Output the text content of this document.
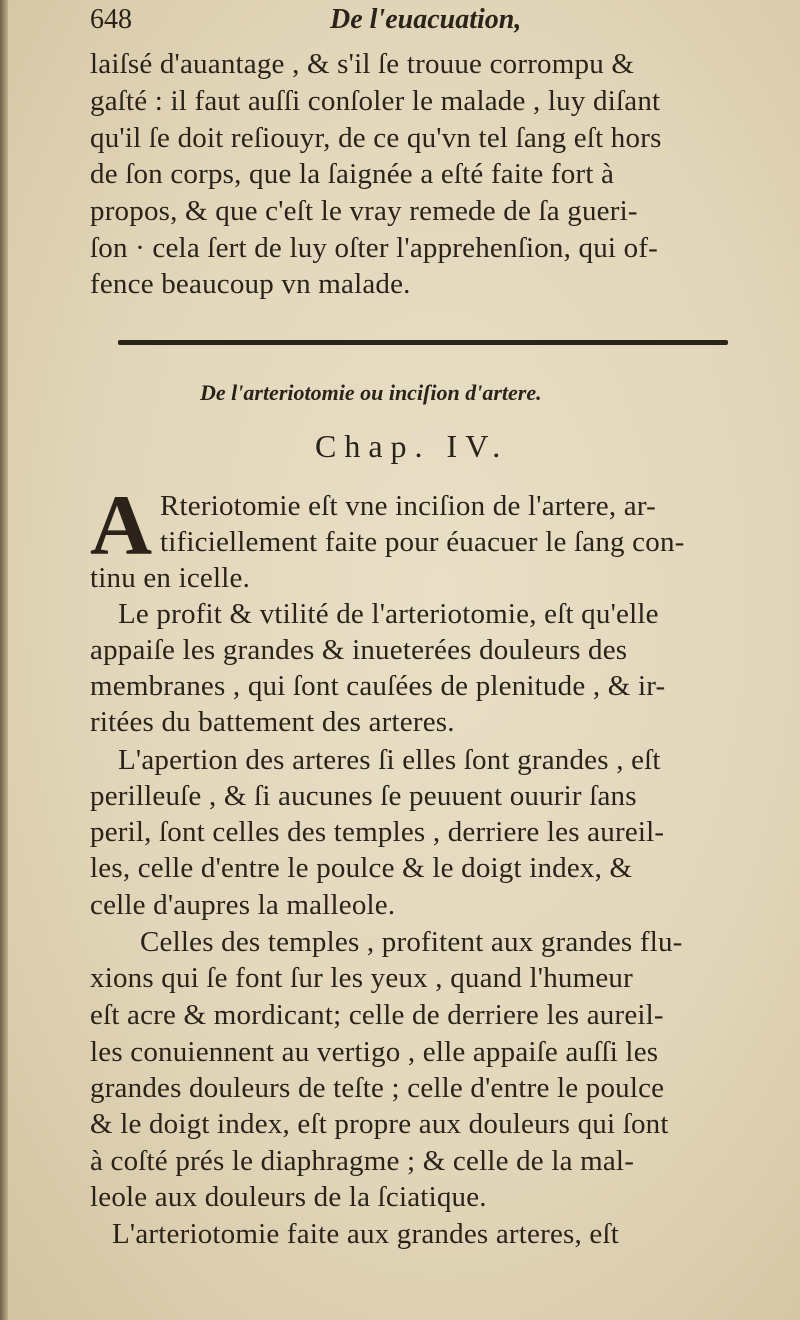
648	De l'euacuation,
laiſsé d'auantage , & s'il ſe trouue corrompu &
gaſté : il faut auſſi conſoler le malade , luy diſant
qu'il ſe doit reſiouyr, de ce qu'vn tel ſang eſt hors
de ſon corps, que la ſaignée a eſté faite fort à
propos, & que c'eſt le vray remede de ſa gueri-
ſon · cela ſert de luy oſter l'apprehenſion, qui of-
fence beaucoup vn malade.
De l'arteriotomie ou inciſion d'artere.
Chap. IV.
A Rteriotomie eſt vne inciſion de l'artere, ar-
tificiellement faite pour éuacuer le ſang con-
tinu en icelle.
Le profit & vtilité de l'arteriotomie, eſt qu'elle
appaiſe les grandes & inueterées douleurs des
membranes , qui ſont cauſées de plenitude , & ir-
ritées du battement des arteres.
L'apertion des arteres ſi elles ſont grandes , eſt
perilleuſe , & ſi aucunes ſe peuuent ouurir ſans
peril, ſont celles des temples , derriere les aureil-
les, celle d'entre le poulce & le doigt index, &
celle d'aupres la malleole.
Celles des temples , profitent aux grandes flu-
xions qui ſe font ſur les yeux , quand l'humeur
eſt acre & mordicant; celle de derriere les aureil-
les conuiennent au vertigo , elle appaiſe auſſi les
grandes douleurs de teſte ; celle d'entre le poulce
& le doigt index, eſt propre aux douleurs qui ſont
à coſté prés le diaphragme ; & celle de la mal-
leole aux douleurs de la ſciatique.
L'arteriotomie faite aux grandes arteres, eſt
